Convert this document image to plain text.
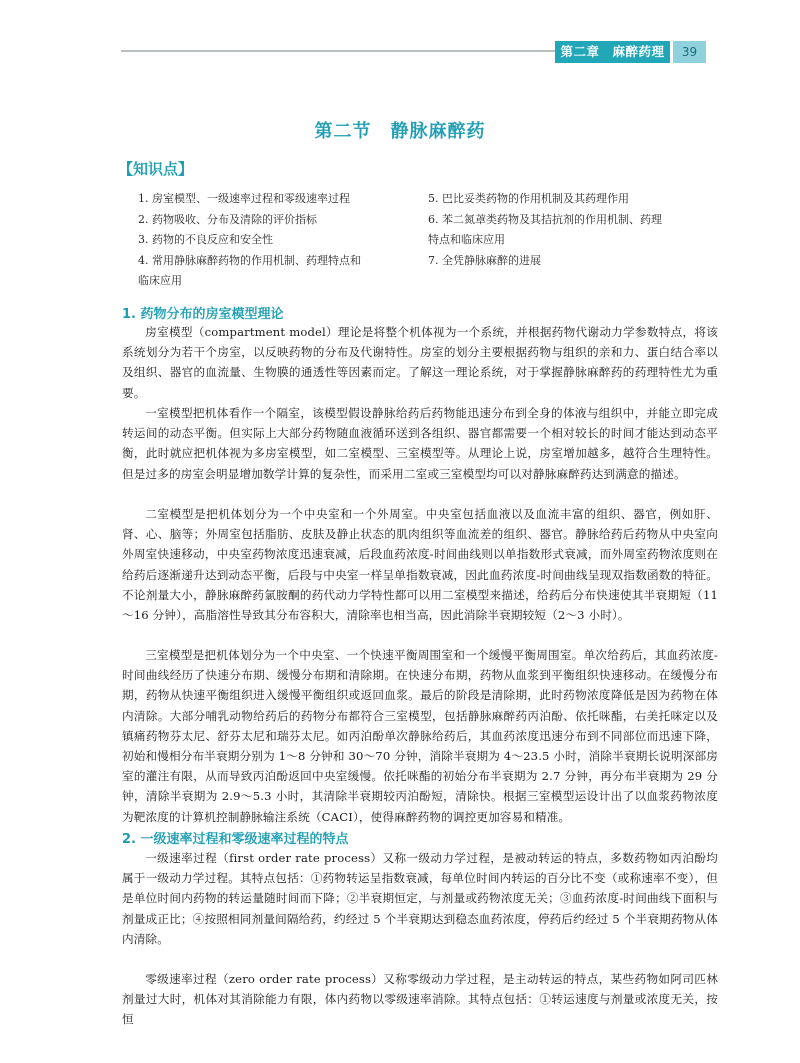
第二章　麻醉药理	39
第二节　静脉麻醉药
【知识点】
1. 房室模型、一级速率过程和零级速率过程
2. 药物吸收、分布及清除的评价指标
3. 药物的不良反应和安全性
4. 常用静脉麻醉药物的作用机制、药理特点和
临床应用
5. 巴比妥类药物的作用机制及其药理作用
6. 苯二氮䓬类药物及其拮抗剂的作用机制、药理
特点和临床应用
7. 全凭静脉麻醉的进展
1. 药物分布的房室模型理论
房室模型（compartment model）理论是将整个机体视为一个系统，并根据药物代谢动力学参数特点，将该系统划分为若干个房室，以反映药物的分布及代谢特性。房室的划分主要根据药物与组织的亲和力、蛋白结合率以及组织、器官的血流量、生物膜的通透性等因素而定。了解这一理论系统，对于掌握静脉麻醉药的药理特性尤为重要。
一室模型把机体看作一个隔室，该模型假设静脉给药后药物能迅速分布到全身的体液与组织中，并能立即完成转运间的动态平衡。但实际上大部分药物随血液循环送到各组织、器官都需要一个相对较长的时间才能达到动态平衡，此时就应把机体视为多房室模型，如二室模型、三室模型等。从理论上说，房室增加越多，越符合生理特性。但是过多的房室会明显增加数学计算的复杂性，而采用二室或三室模型均可以对静脉麻醉药达到满意的描述。
二室模型是把机体划分为一个中央室和一个外周室。中央室包括血液以及血流丰富的组织、器官，例如肝、肾、心、脑等；外周室包括脂肪、皮肤及静止状态的肌肉组织等血流差的组织、器官。静脉给药后药物从中央室向外周室快速移动，中央室药物浓度迅速衰减，后段血药浓度-时间曲线则以单指数形式衰减，而外周室药物浓度则在给药后逐渐递升达到动态平衡，后段与中央室一样呈单指数衰减，因此血药浓度-时间曲线呈现双指数函数的特征。不论剂量大小，静脉麻醉药氯胺酮的药代动力学特性都可以用二室模型来描述，给药后分布快速使其半衰期短（11～16 分钟），高脂溶性导致其分布容积大，清除率也相当高，因此消除半衰期较短（2～3 小时）。
三室模型是把机体划分为一个中央室、一个快速平衡周围室和一个缓慢平衡周围室。单次给药后，其血药浓度-时间曲线经历了快速分布期、缓慢分布期和清除期。在快速分布期，药物从血浆到平衡组织快速移动。在缓慢分布期，药物从快速平衡组织进入缓慢平衡组织或返回血浆。最后的阶段是清除期，此时药物浓度降低是因为药物在体内清除。大部分哺乳动物给药后的药物分布都符合三室模型，包括静脉麻醉药丙泊酚、依托咪酯，右美托咪定以及镇痛药物芬太尼、舒芬太尼和瑞芬太尼。如丙泊酚单次静脉给药后，其血药浓度迅速分布到不同部位而迅速下降，初始和慢相分布半衰期分别为 1～8 分钟和 30～70 分钟，消除半衰期为 4～23.5 小时，消除半衰期长说明深部房室的灌注有限，从而导致丙泊酚返回中央室缓慢。依托咪酯的初始分布半衰期为 2.7 分钟，再分布半衰期为 29 分钟，清除半衰期为 2.9～5.3 小时，其清除半衰期较丙泊酚短，清除快。根据三室模型运设计出了以血浆药物浓度为靶浓度的计算机控制静脉输注系统（CACI），使得麻醉药物的调控更加容易和精准。
2. 一级速率过程和零级速率过程的特点
一级速率过程（first order rate process）又称一级动力学过程，是被动转运的特点，多数药物如丙泊酚均属于一级动力学过程。其特点包括：①药物转运呈指数衰减，每单位时间内转运的百分比不变（或称速率不变），但是单位时间内药物的转运量随时间而下降；②半衰期恒定，与剂量或药物浓度无关；③血药浓度-时间曲线下面积与剂量成正比；④按照相同剂量间隔给药，约经过 5 个半衰期达到稳态血药浓度，停药后约经过 5 个半衰期药物从体内清除。
零级速率过程（zero order rate process）又称零级动力学过程，是主动转运的特点，某些药物如阿司匹林剂量过大时，机体对其消除能力有限，体内药物以零级速率消除。其特点包括：①转运速度与剂量或浓度无关，按恒
